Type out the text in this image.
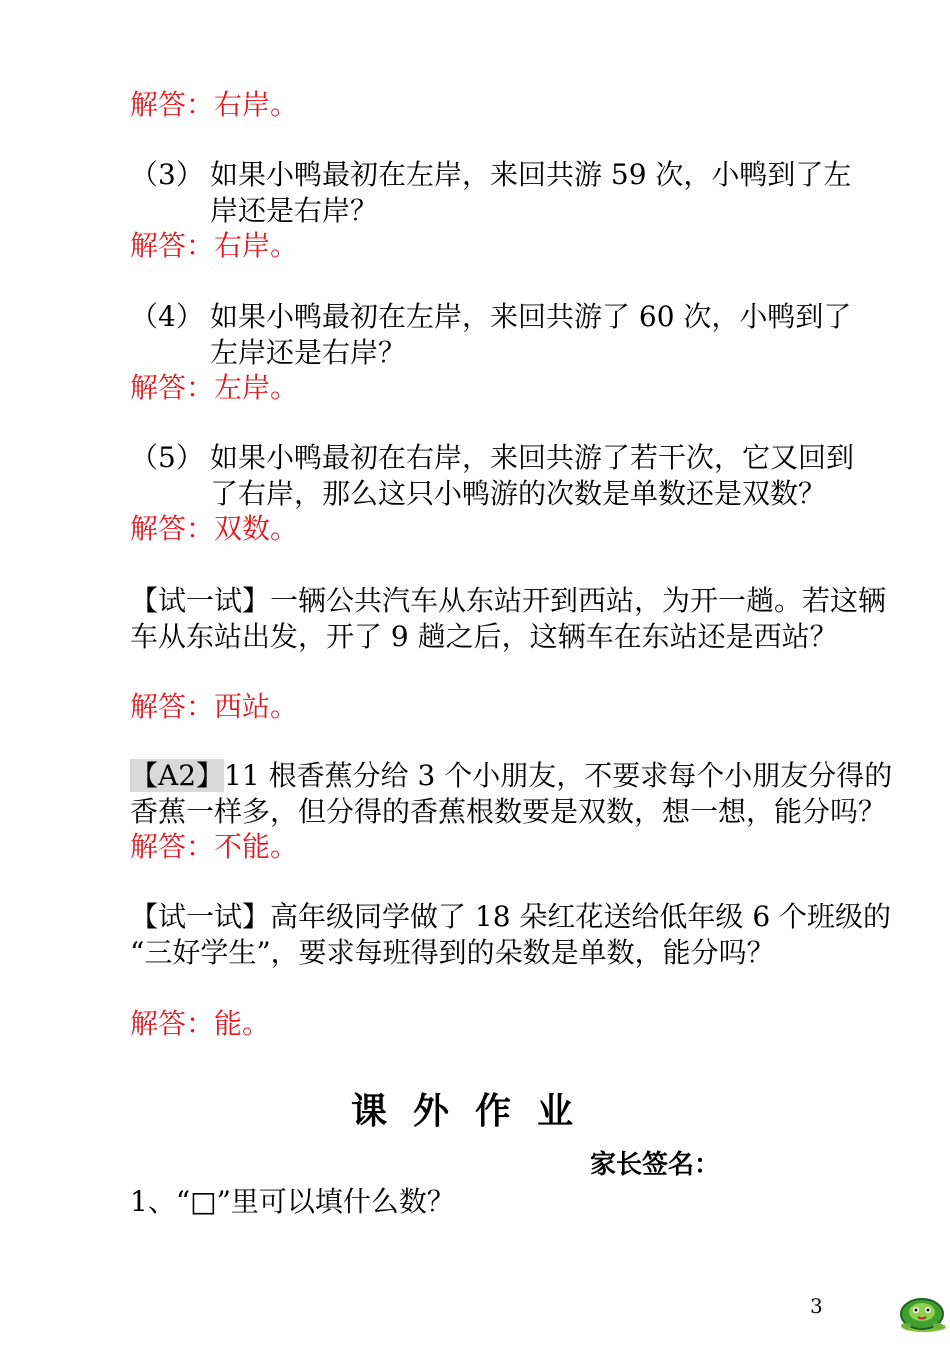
解答：右岸。

（3） 如果小鸭最初在左岸，来回共游 59 次，小鸭到了左

岸还是右岸？

解答：右岸。

（4） 如果小鸭最初在左岸，来回共游了 60 次，小鸭到了

左岸还是右岸？

解答：左岸。

（5） 如果小鸭最初在右岸，来回共游了若干次，它又回到

了右岸，那么这只小鸭游的次数是单数还是双数？

解答：双数。

【试一试】一辆公共汽车从东站开到西站，为开一趟。若这辆

车从东站出发，开了 9 趟之后，这辆车在东站还是西站？

解答：西站。

【A2】11 根香蕉分给 3 个小朋友，不要求每个小朋友分得的

香蕉一样多，但分得的香蕉根数要是双数，想一想，能分吗？

解答：不能。

【试一试】高年级同学做了 18 朵红花送给低年级 6 个班级的

“三好学生”，要求每班得到的朵数是单数，能分吗？

解答：能。

课外作业
家长签名：

1、“□”里可以填什么数？

3
